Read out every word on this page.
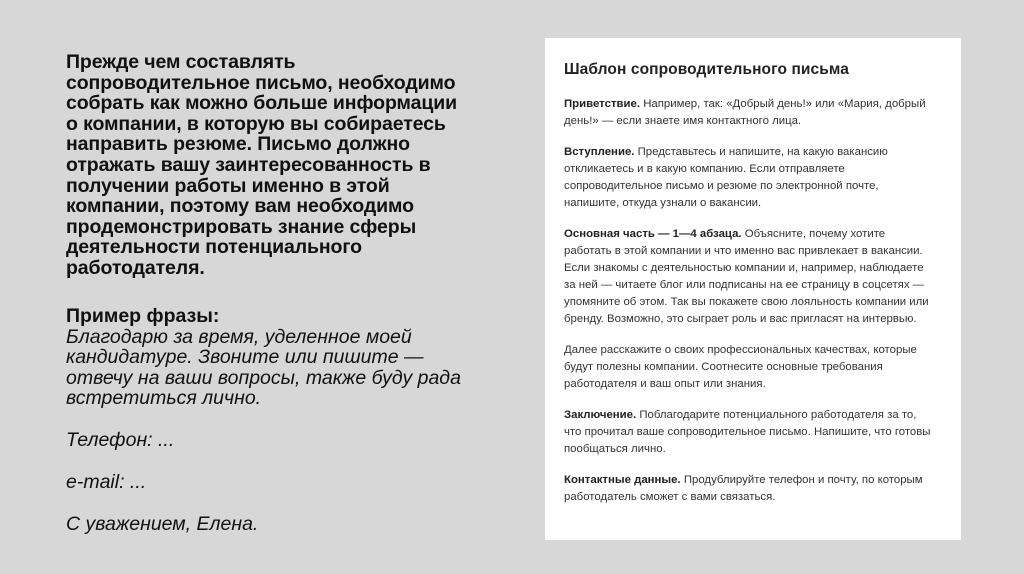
Прежде чем составлять
сопроводительное письмо, необходимо
собрать как можно больше информации
о компании, в которую вы собираетесь
направить резюме. Письмо должно
отражать вашу заинтересованность в
получении работы именно в этой
компании, поэтому вам необходимо
продемонстрировать знание сферы
деятельности потенциального
работодателя.

Пример фразы:

Благодарю за время, уделенное моей
кандидатуре. Звоните или пишите —
отвечу на ваши вопросы, также буду рада
встретиться лично.

Телефон: ...

e-mail: ...

С уважением, Елена.

Шаблон сопроводительного письма

Приветствие. Например, так: «Добрый день!» или «Мария, добрый
день!» — если знаете имя контактного лица.

Вступление. Представьтесь и напишите, на какую вакансию
откликаетесь и в какую компанию. Если отправляете
сопроводительное письмо и резюме по электронной почте,
напишите, откуда узнали о вакансии.

Основная часть — 1—4 абзаца. Объясните, почему хотите
работать в этой компании и что именно вас привлекает в вакансии.
Если знакомы с деятельностью компании и, например, наблюдаете
за ней — читаете блог или подписаны на ее страницу в соцсетях —
упомяните об этом. Так вы покажете свою лояльность компании или
бренду. Возможно, это сыграет роль и вас пригласят на интервью.

Далее расскажите о своих профессиональных качествах, которые
будут полезны компании. Соотнесите основные требования
работодателя и ваш опыт или знания.

Заключение. Поблагодарите потенциального работодателя за то,
что прочитал ваше сопроводительное письмо. Напишите, что готовы
пообщаться лично.

Контактные данные. Продублируйте телефон и почту, по которым
работодатель сможет с вами связаться.
